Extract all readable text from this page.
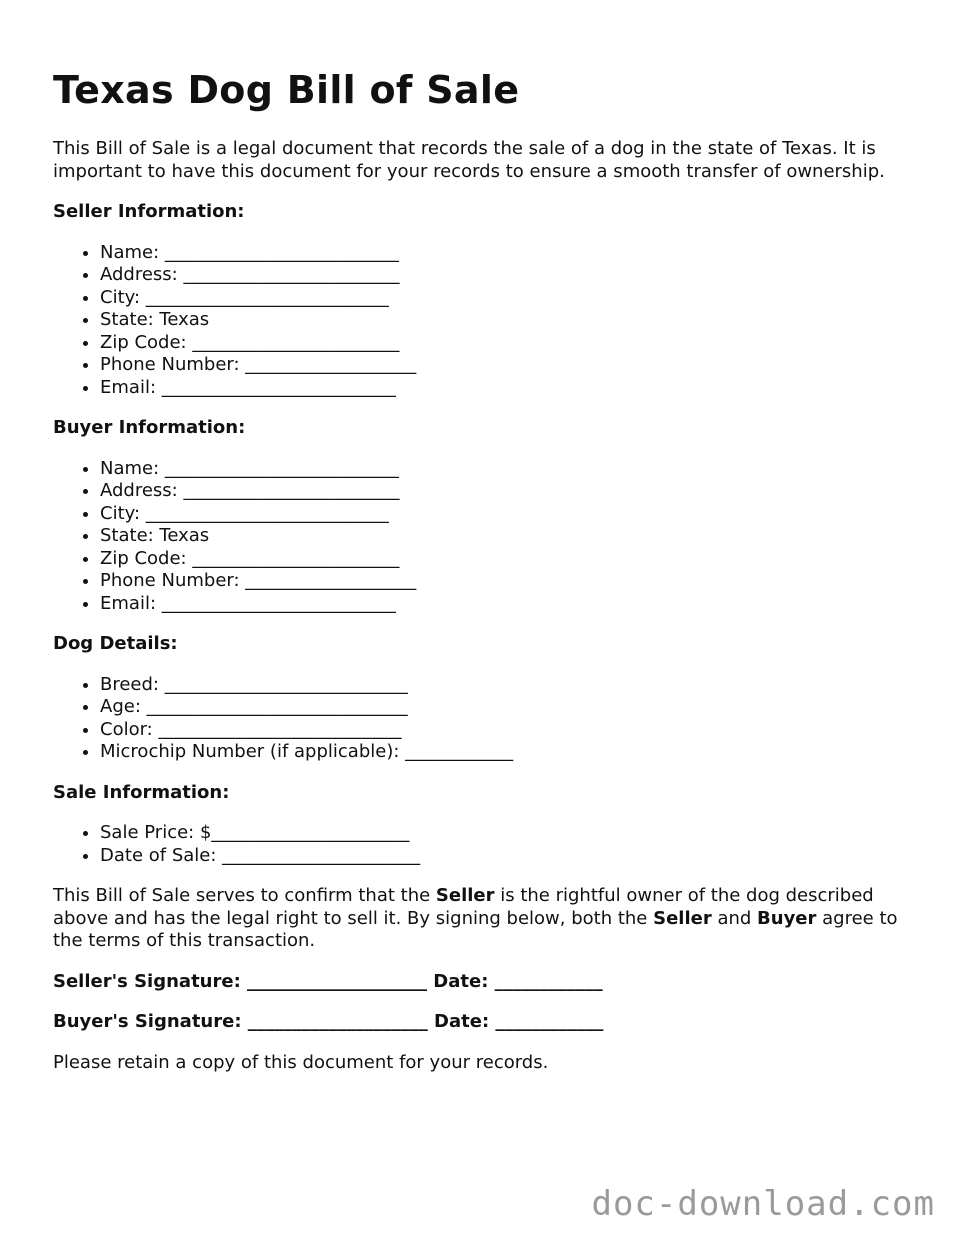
Texas Dog Bill of Sale

This Bill of Sale is a legal document that records the sale of a dog in the state of Texas. It is important to have this document for your records to ensure a smooth transfer of ownership.

Seller Information:
• Name: __________________________
• Address: ________________________
• City: ___________________________
• State: Texas
• Zip Code: _______________________
• Phone Number: ___________________
• Email: __________________________
Buyer Information:
• Name: __________________________
• Address: ________________________
• City: ___________________________
• State: Texas
• Zip Code: _______________________
• Phone Number: ___________________
• Email: __________________________
Dog Details:
• Breed: ___________________________
• Age: _____________________________
• Color: ___________________________
• Microchip Number (if applicable): ____________
Sale Information:
• Sale Price: $______________________
• Date of Sale: ______________________

This Bill of Sale serves to confirm that the Seller is the rightful owner of the dog described above and has the legal right to sell it. By signing below, both the Seller and Buyer agree to the terms of this transaction.

Seller's Signature: ____________________ Date: ____________
Buyer's Signature: ____________________ Date: ____________

Please retain a copy of this document for your records.

doc-download.com
